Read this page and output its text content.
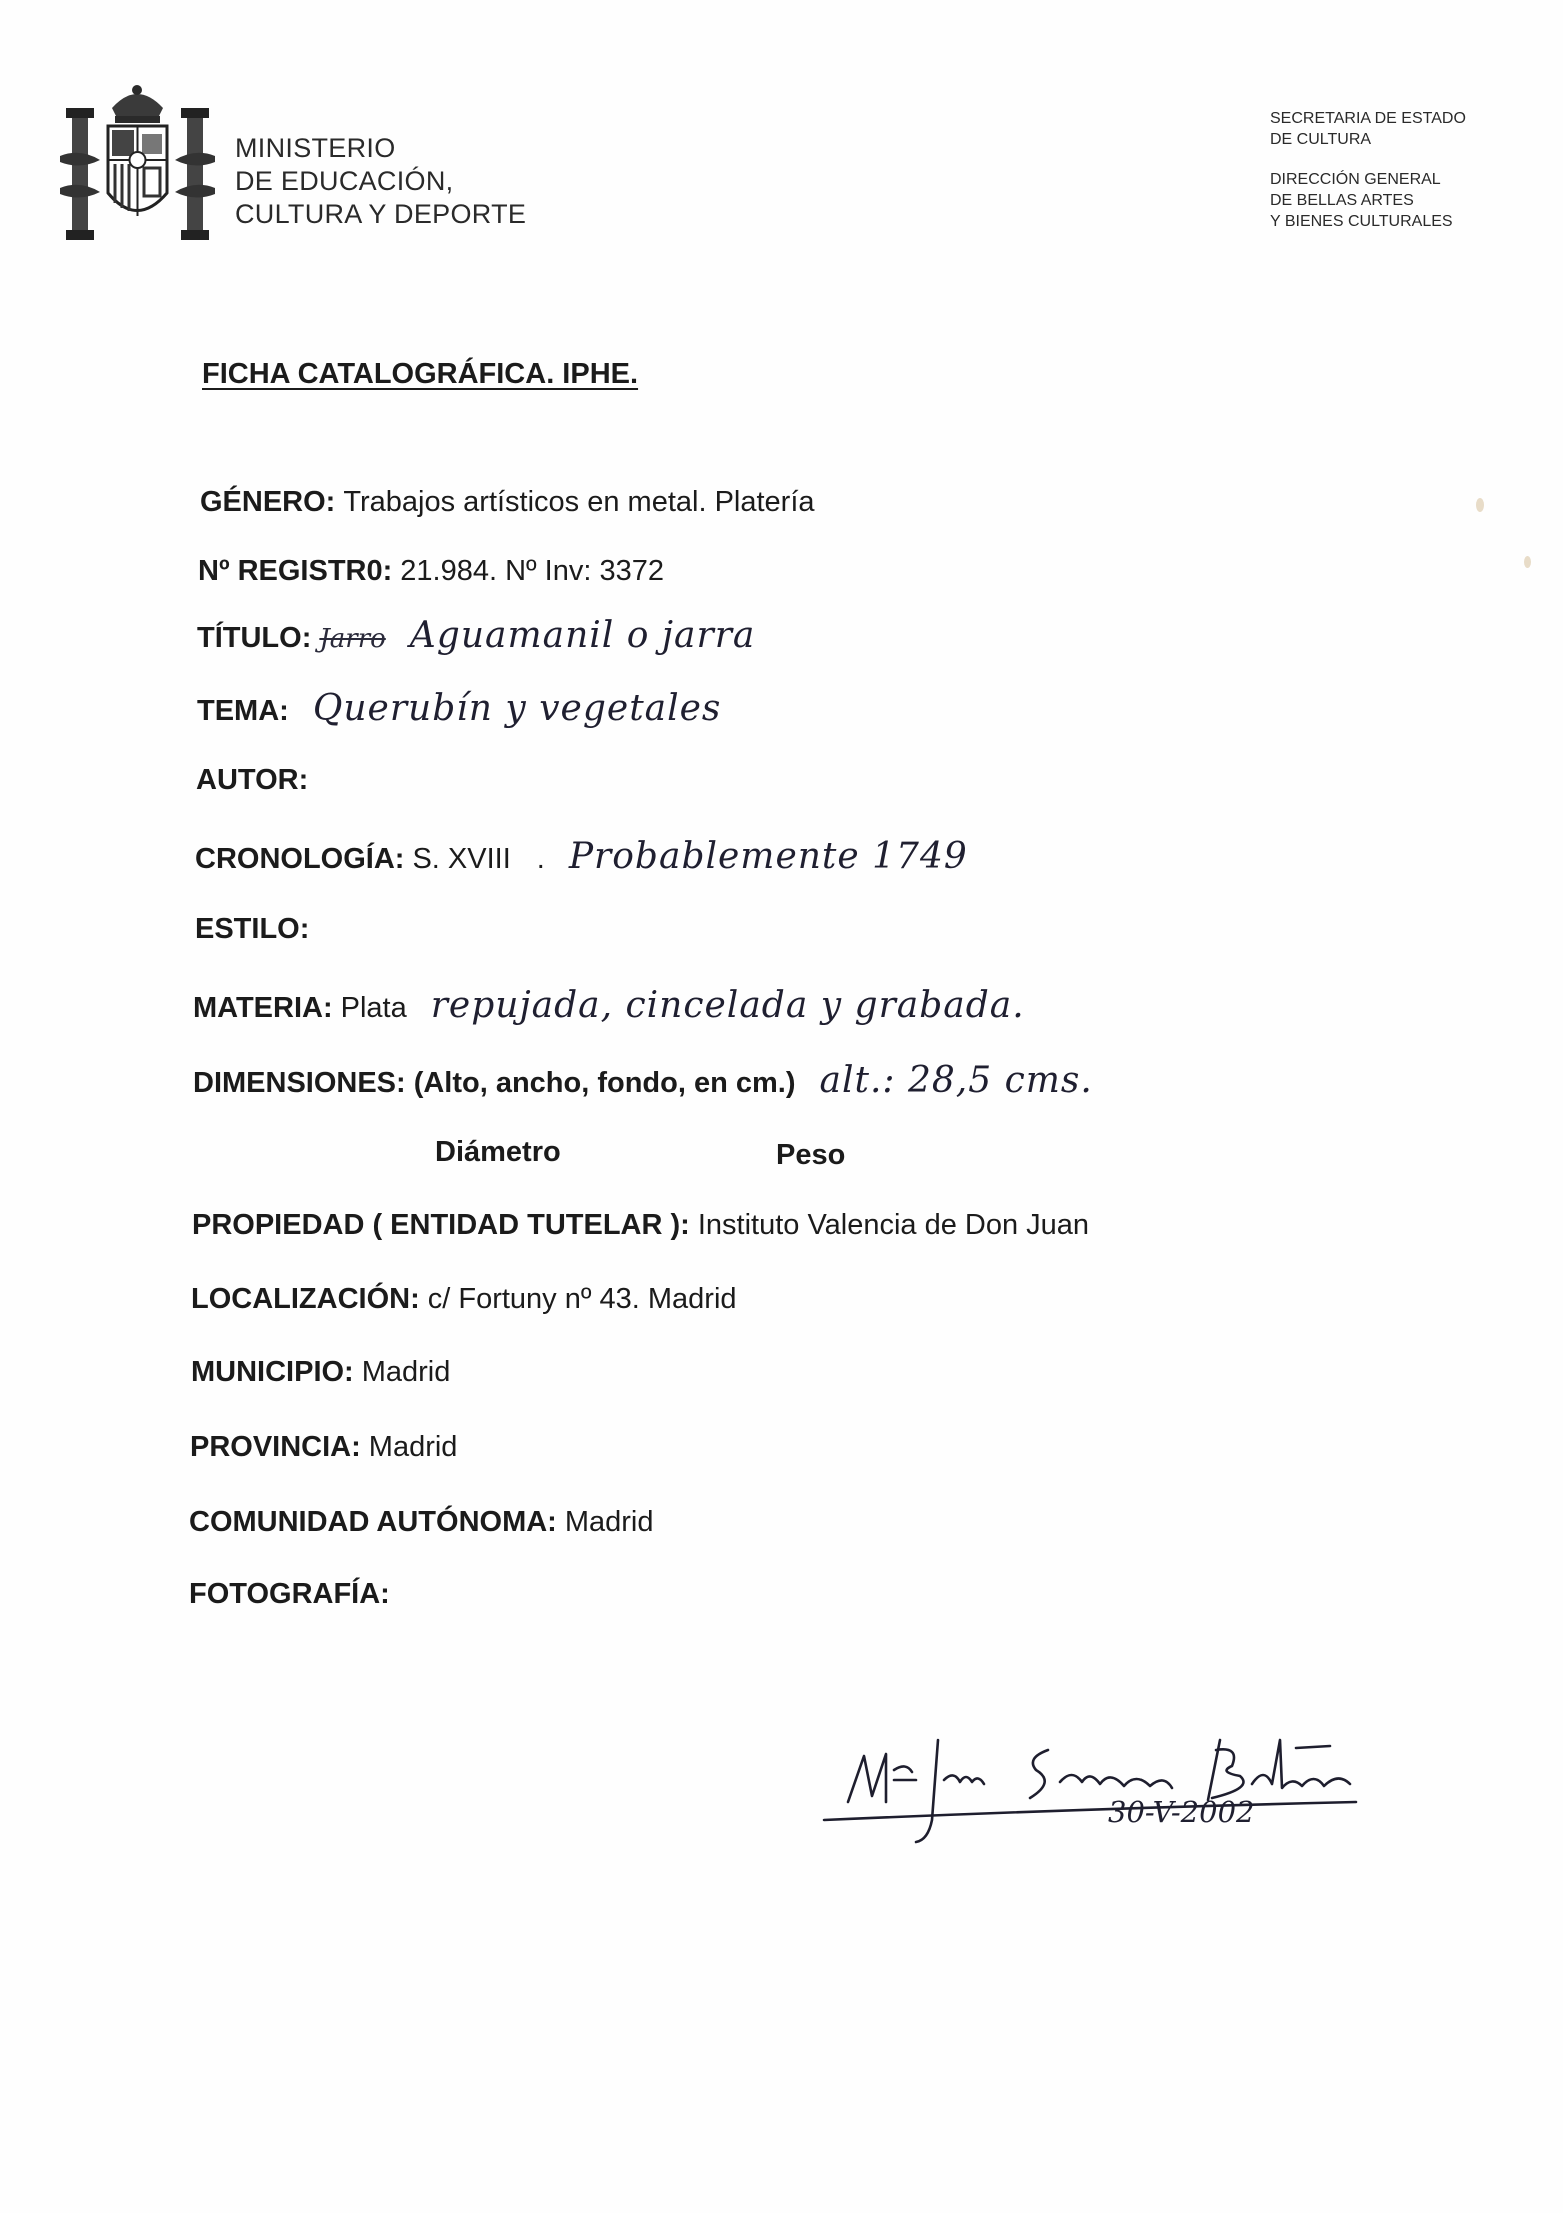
MINISTERIO
DE EDUCACIÓN,
CULTURA Y DEPORTE
SECRETARIA DE ESTADO
DE CULTURA
DIRECCIÓN GENERAL
DE BELLAS ARTES
Y BIENES CULTURALES
FICHA CATALOGRÁFICA. IPHE.
GÉNERO: Trabajos artísticos en metal. Platería
Nº REGISTR0: 21.984. Nº Inv: 3372
TÍTULO: Jarro Aguamanil o jarra
TEMA: Querubín y vegetales
AUTOR:
CRONOLOGÍA: S. XVIII . Probablemente 1749
ESTILO:
MATERIA: Plata repujada, cincelada y grabada.
DIMENSIONES: (Alto, ancho, fondo, en cm.) alt.: 28,5 cms.
Diámetro	Peso
PROPIEDAD ( ENTIDAD TUTELAR ): Instituto Valencia de Don Juan
LOCALIZACIÓN: c/ Fortuny nº 43. Madrid
MUNICIPIO: Madrid
PROVINCIA: Madrid
COMUNIDAD AUTÓNOMA: Madrid
FOTOGRAFÍA:
30-V-2002
